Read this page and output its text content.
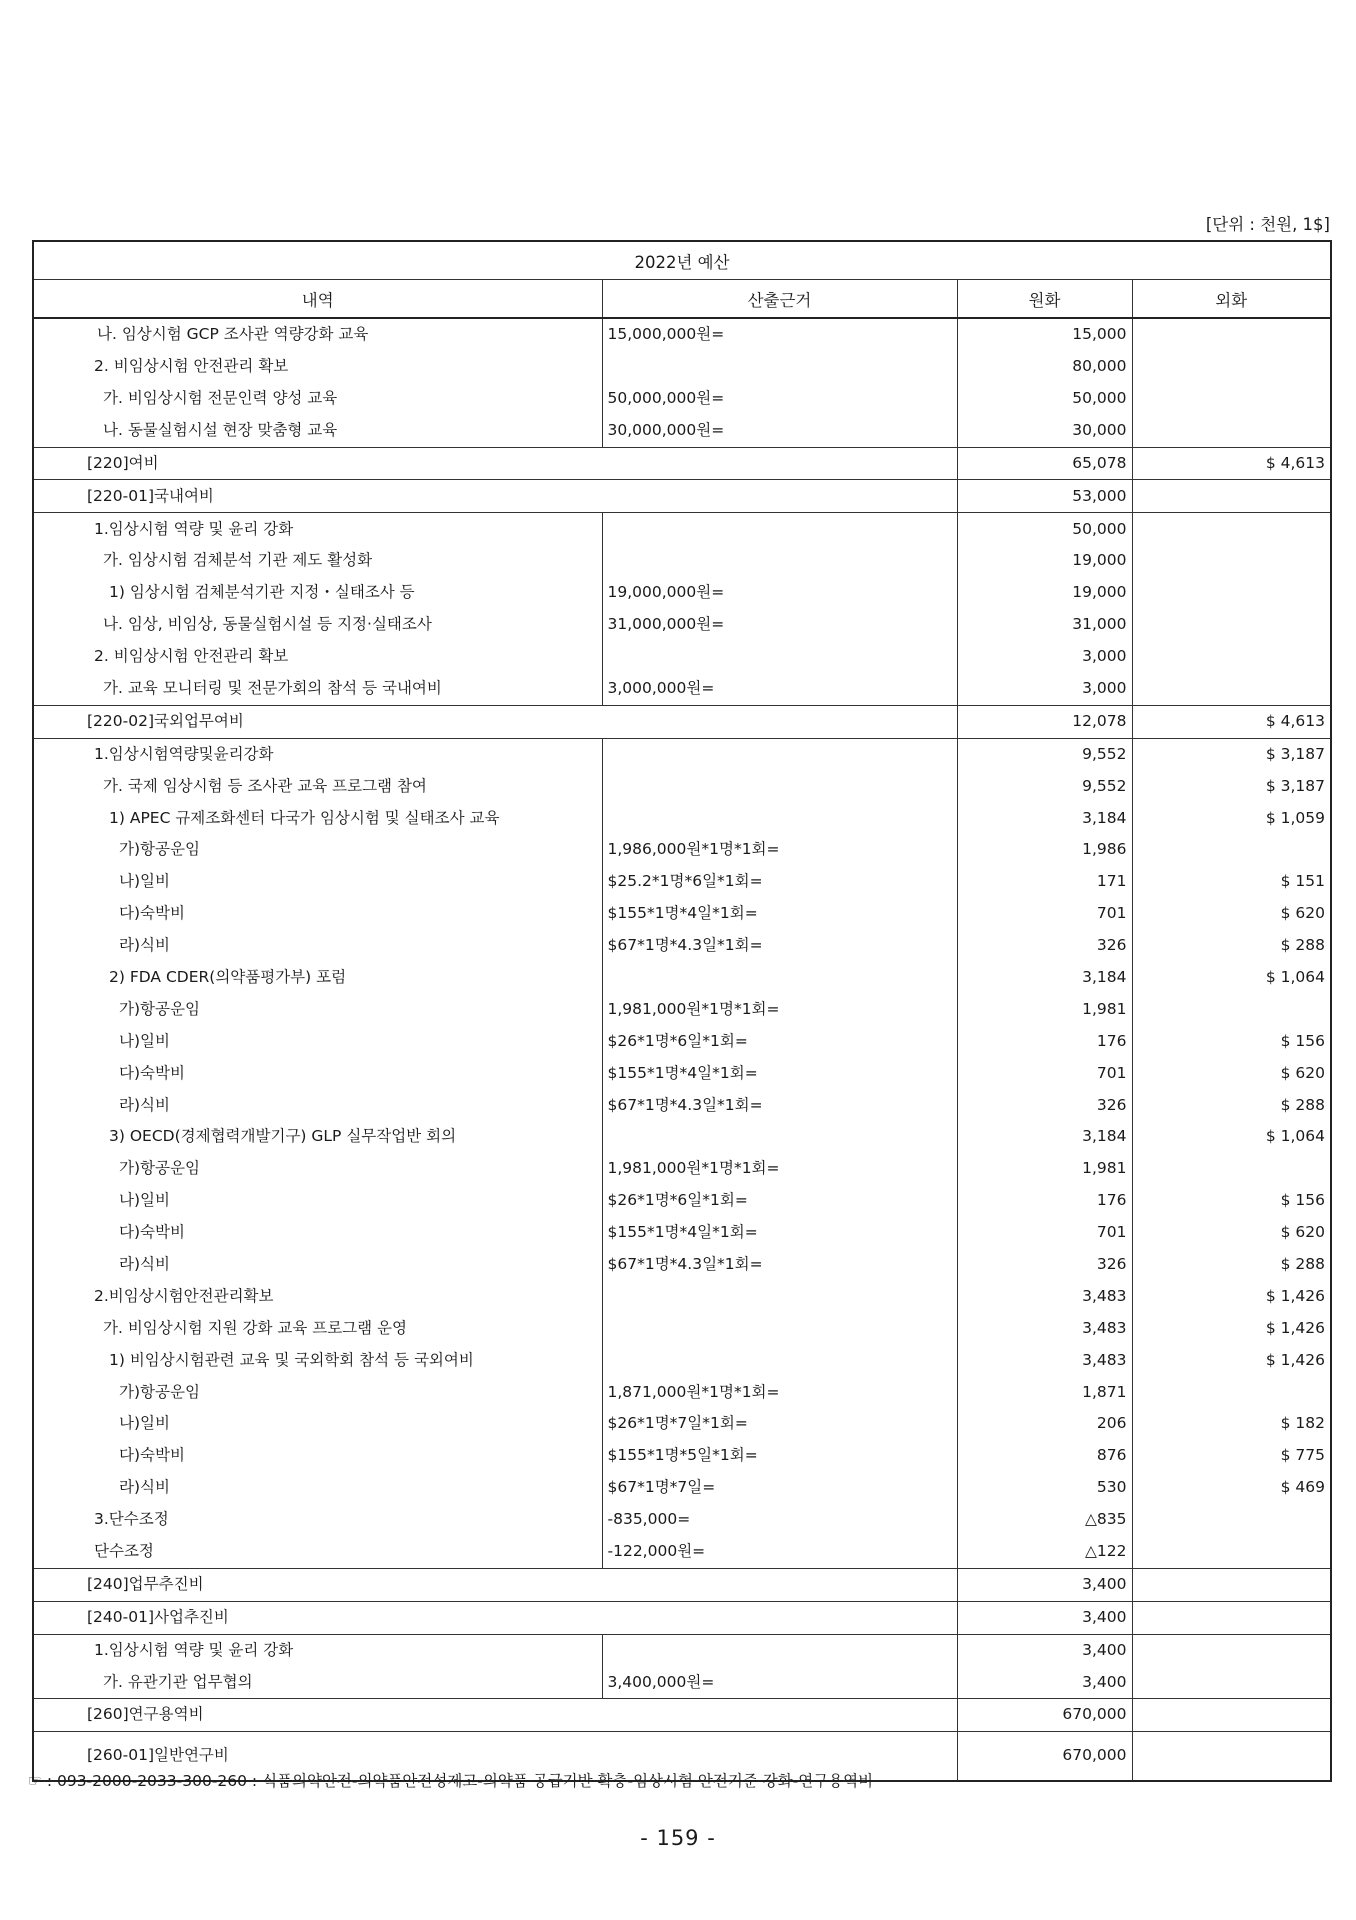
[단위 : 천원, 1$]
2022년 예산			
내역	산출근거	원화	외화
나. 임상시험 GCP 조사관 역량강화 교육	15,000,000원=	15,000	
2. 비임상시험 안전관리 확보		80,000	
가. 비임상시험 전문인력 양성 교육	50,000,000원=	50,000	
나. 동물실험시설 현장 맞춤형 교육	30,000,000원=	30,000	
[220]여비		65,078	$ 4,613
[220-01]국내여비		53,000	
1.임상시험 역량 및 윤리 강화		50,000	
가. 임상시험 검체분석 기관 제도 활성화		19,000	
1) 임상시험 검체분석기관 지정・실태조사 등	19,000,000원=	19,000	
나. 임상, 비임상, 동물실험시설 등 지정·실태조사	31,000,000원=	31,000	
2. 비임상시험 안전관리 확보		3,000	
가. 교육 모니터링 및 전문가회의 참석 등 국내여비	3,000,000원=	3,000	
[220-02]국외업무여비		12,078	$ 4,613
1.임상시험역량및윤리강화		9,552	$ 3,187
가. 국제 임상시험 등 조사관 교육 프로그램 참여		9,552	$ 3,187
1) APEC 규제조화센터 다국가 임상시험 및 실태조사 교육		3,184	$ 1,059
가)항공운임	1,986,000원*1명*1회=	1,986	
나)일비	$25.2*1명*6일*1회=	171	$ 151
다)숙박비	$155*1명*4일*1회=	701	$ 620
라)식비	$67*1명*4.3일*1회=	326	$ 288
2) FDA CDER(의약품평가부) 포럼		3,184	$ 1,064
가)항공운임	1,981,000원*1명*1회=	1,981	
나)일비	$26*1명*6일*1회=	176	$ 156
다)숙박비	$155*1명*4일*1회=	701	$ 620
라)식비	$67*1명*4.3일*1회=	326	$ 288
3) OECD(경제협력개발기구) GLP 실무작업반 회의		3,184	$ 1,064
가)항공운임	1,981,000원*1명*1회=	1,981	
나)일비	$26*1명*6일*1회=	176	$ 156
다)숙박비	$155*1명*4일*1회=	701	$ 620
라)식비	$67*1명*4.3일*1회=	326	$ 288
2.비임상시험안전관리확보		3,483	$ 1,426
가. 비임상시험 지원 강화 교육 프로그램 운영		3,483	$ 1,426
1) 비임상시험관련 교육 및 국외학회 참석 등 국외여비		3,483	$ 1,426
가)항공운임	1,871,000원*1명*1회=	1,871	
나)일비	$26*1명*7일*1회=	206	$ 182
다)숙박비	$155*1명*5일*1회=	876	$ 775
라)식비	$67*1명*7일=	530	$ 469
3.단수조정	-835,000=	△835	
단수조정	-122,000원=	△122	
[240]업무추진비		3,400	
[240-01]사업추진비		3,400	
1.임상시험 역량 및 윤리 강화		3,400	
가. 유관기관 업무협의	3,400,000원=	3,400	
[260]연구용역비		670,000	
[260-01]일반연구비		670,000	
☞ : 093-2000-2033-300-260 : 식품의약안전-의약품안전성제고-의약품 공급기반 확충-임상시험 안전기준 강화-연구용역비
- 159 -
